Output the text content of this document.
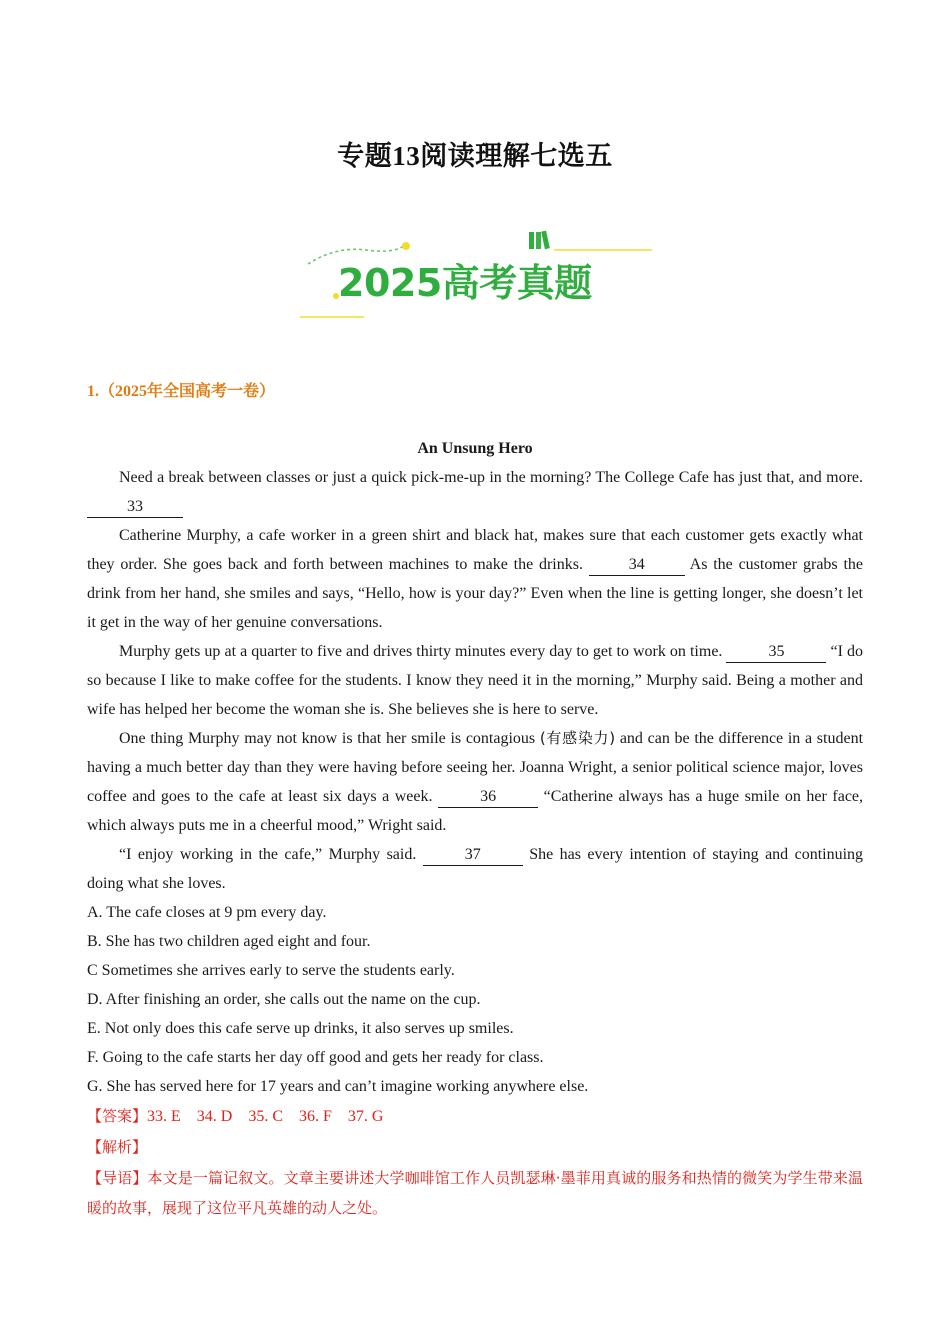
专题13阅读理解七选五
2025高考真题
1.（2025年全国高考一卷）
An Unsung Hero

Need a break between classes or just a quick pick-me-up in the morning? The College Cafe has just that, and more. 33

Catherine Murphy, a cafe worker in a green shirt and black hat, makes sure that each customer gets exactly what they order. She goes back and forth between machines to make the drinks.	34	As the customer grabs the drink from her hand, she smiles and says, “Hello, how is your day?” Even when the line is getting longer, she doesn’t let it get in the way of her genuine conversations.

Murphy gets up at a quarter to five and drives thirty minutes every day to get to work on time.	35	“I do so because I like to make coffee for the students. I know they need it in the morning,” Murphy said. Being a mother and wife has helped her become the woman she is. She believes she is here to serve.

One thing Murphy may not know is that her smile is contagious (有感染力) and can be the difference in a student having a much better day than they were having before seeing her. Joanna Wright, a senior political science major, loves coffee and goes to the cafe at least six days a week.	36	“Catherine always has a huge smile on her face, which always puts me in a cheerful mood,” Wright said.

“I enjoy working in the cafe,” Murphy said.	37	She has every intention of staying and continuing doing what she loves.

A. The cafe closes at 9 pm every day.

B. She has two children aged eight and four.

C Sometimes she arrives early to serve the students early.

D. After finishing an order, she calls out the name on the cup.

E. Not only does this cafe serve up drinks, it also serves up smiles.

F. Going to the cafe starts her day off good and gets her ready for class.

G. She has served here for 17 years and can’t imagine working anywhere else.

【答案】33. E    34. D    35. C    36. F    37. G

【解析】

【导语】本文是一篇记叙文。文章主要讲述大学咖啡馆工作人员凯瑟琳·墨菲用真诚的服务和热情的微笑为学生带来温暖的故事，展现了这位平凡英雄的动人之处。
